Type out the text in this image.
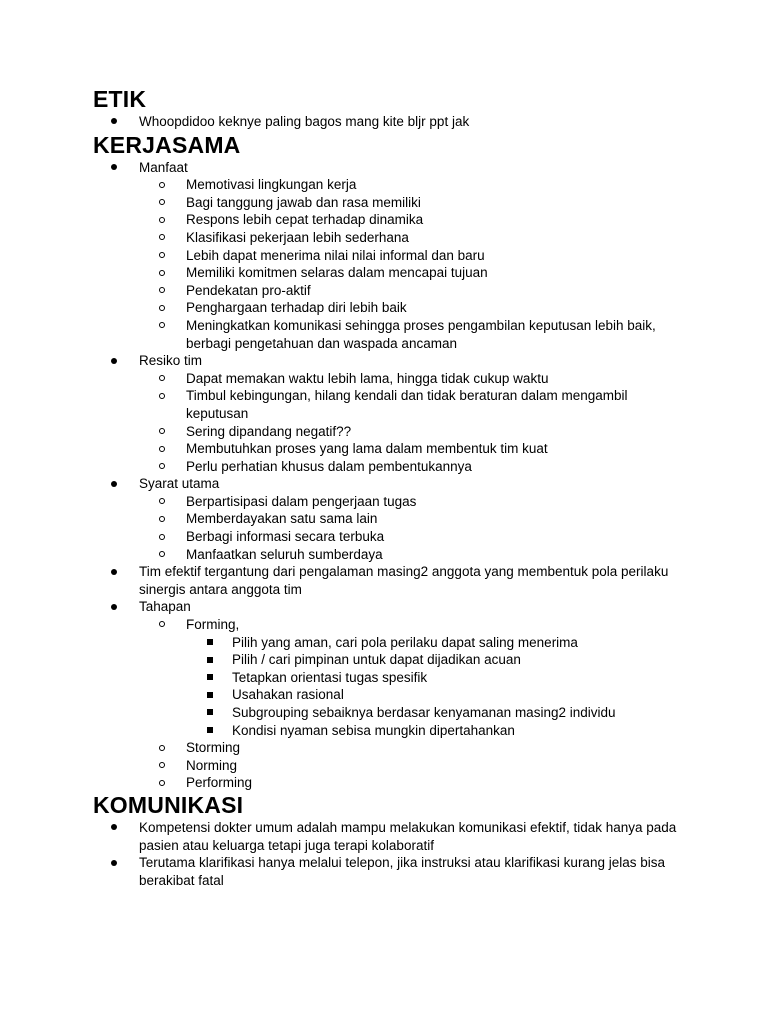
ETIK
Whoopdidoo keknye paling bagos mang kite bljr ppt jak
KERJASAMA
Manfaat
Memotivasi lingkungan kerja
Bagi tanggung jawab dan rasa memiliki
Respons lebih cepat terhadap dinamika
Klasifikasi pekerjaan lebih sederhana
Lebih dapat menerima nilai nilai informal dan baru
Memiliki komitmen selaras dalam mencapai tujuan
Pendekatan pro-aktif
Penghargaan terhadap diri lebih baik
Meningkatkan komunikasi sehingga proses pengambilan keputusan lebih baik, berbagi pengetahuan dan waspada ancaman
Resiko tim
Dapat memakan waktu lebih lama, hingga tidak cukup waktu
Timbul kebingungan, hilang kendali dan tidak beraturan dalam mengambil keputusan
Sering dipandang negatif??
Membutuhkan proses yang lama dalam membentuk tim kuat
Perlu perhatian khusus dalam pembentukannya
Syarat utama
Berpartisipasi dalam pengerjaan tugas
Memberdayakan satu sama lain
Berbagi informasi secara terbuka
Manfaatkan seluruh sumberdaya
Tim efektif tergantung dari pengalaman masing2 anggota yang membentuk pola perilaku sinergis antara anggota tim
Tahapan
Forming,
Pilih yang aman, cari pola perilaku dapat saling menerima
Pilih / cari pimpinan untuk dapat dijadikan acuan
Tetapkan orientasi tugas spesifik
Usahakan rasional
Subgrouping sebaiknya berdasar kenyamanan masing2 individu
Kondisi nyaman sebisa mungkin dipertahankan
Storming
Norming
Performing
KOMUNIKASI
Kompetensi dokter umum adalah mampu melakukan komunikasi efektif, tidak hanya pada pasien atau keluarga tetapi juga terapi kolaboratif
Terutama klarifikasi hanya melalui telepon, jika instruksi atau klarifikasi kurang jelas bisa berakibat fatal
